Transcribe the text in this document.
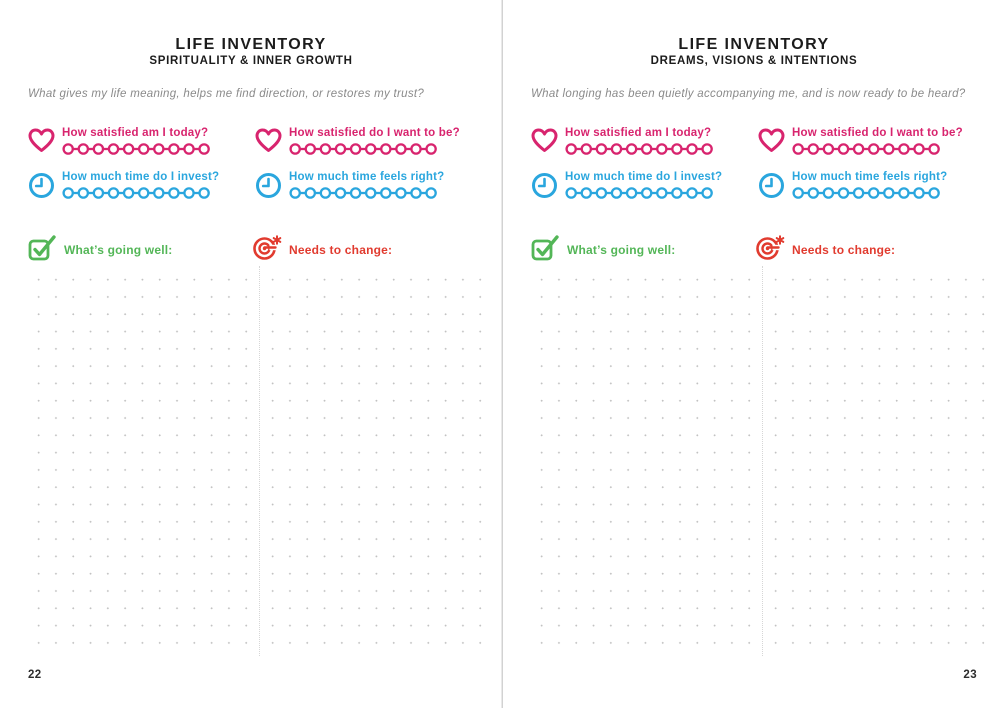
LIFE INVENTORY
SPIRITUALITY & INNER GROWTH
What gives my life meaning, helps me find direction, or restores my trust?
How satisfied am I today?	How satisfied do I want to be?
How much time do I invest?	How much time feels right?
What’s going well:	Needs to change:
22
LIFE INVENTORY
DREAMS, VISIONS & INTENTIONS
What longing has been quietly accompanying me, and is now ready to be heard?
How satisfied am I today?	How satisfied do I want to be?
How much time do I invest?	How much time feels right?
What’s going well:	Needs to change:
23
